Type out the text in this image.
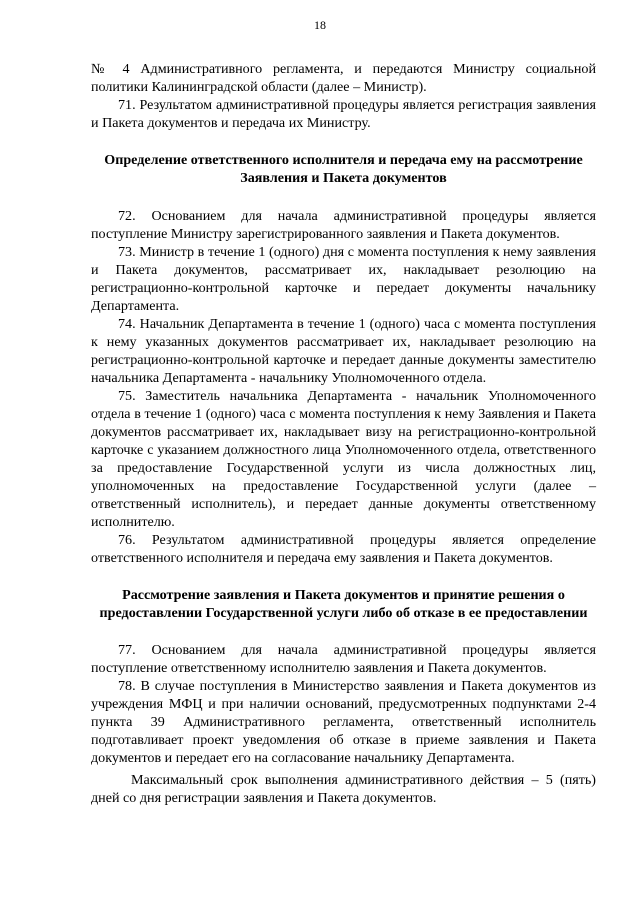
18

№ 4 Административного регламента, и передаются Министру социальной политики Калининградской области (далее – Министр).

71. Результатом административной процедуры является регистрация заявления и Пакета документов и передача их Министру.

Определение ответственного исполнителя и передача ему на рассмотрение Заявления и Пакета документов

72. Основанием для начала административной процедуры является поступление Министру зарегистрированного заявления и Пакета документов.

73. Министр в течение 1 (одного) дня с момента поступления к нему заявления и Пакета документов, рассматривает их, накладывает резолюцию на регистрационно-контрольной карточке и передает документы начальнику Департамента.

74. Начальник Департамента в течение 1 (одного) часа с момента поступления к нему указанных документов рассматривает их, накладывает резолюцию на регистрационно-контрольной карточке и передает данные документы заместителю начальника Департамента - начальнику Уполномоченного отдела.

75. Заместитель начальника Департамента - начальник Уполномоченного отдела в течение 1 (одного) часа с момента поступления к нему Заявления и Пакета документов рассматривает их, накладывает визу на регистрационно-контрольной карточке с указанием должностного лица Уполномоченного отдела, ответственного за предоставление Государственной услуги из числа должностных лиц, уполномоченных на предоставление Государственной услуги (далее – ответственный исполнитель), и передает данные документы ответственному исполнителю.

76. Результатом административной процедуры является определение ответственного исполнителя и передача ему заявления и Пакета документов.

Рассмотрение заявления и Пакета документов и принятие решения о предоставлении Государственной услуги либо об отказе в ее предоставлении

77. Основанием для начала административной процедуры является поступление ответственному исполнителю заявления и Пакета документов.

78. В случае поступления в Министерство заявления и Пакета документов из учреждения МФЦ и при наличии оснований, предусмотренных подпунктами 2-4 пункта 39 Административного регламента, ответственный исполнитель подготавливает проект уведомления об отказе в приеме заявления и Пакета документов и передает его на согласование начальнику Департамента.

Максимальный срок выполнения административного действия – 5 (пять) дней со дня регистрации заявления и Пакета документов.
